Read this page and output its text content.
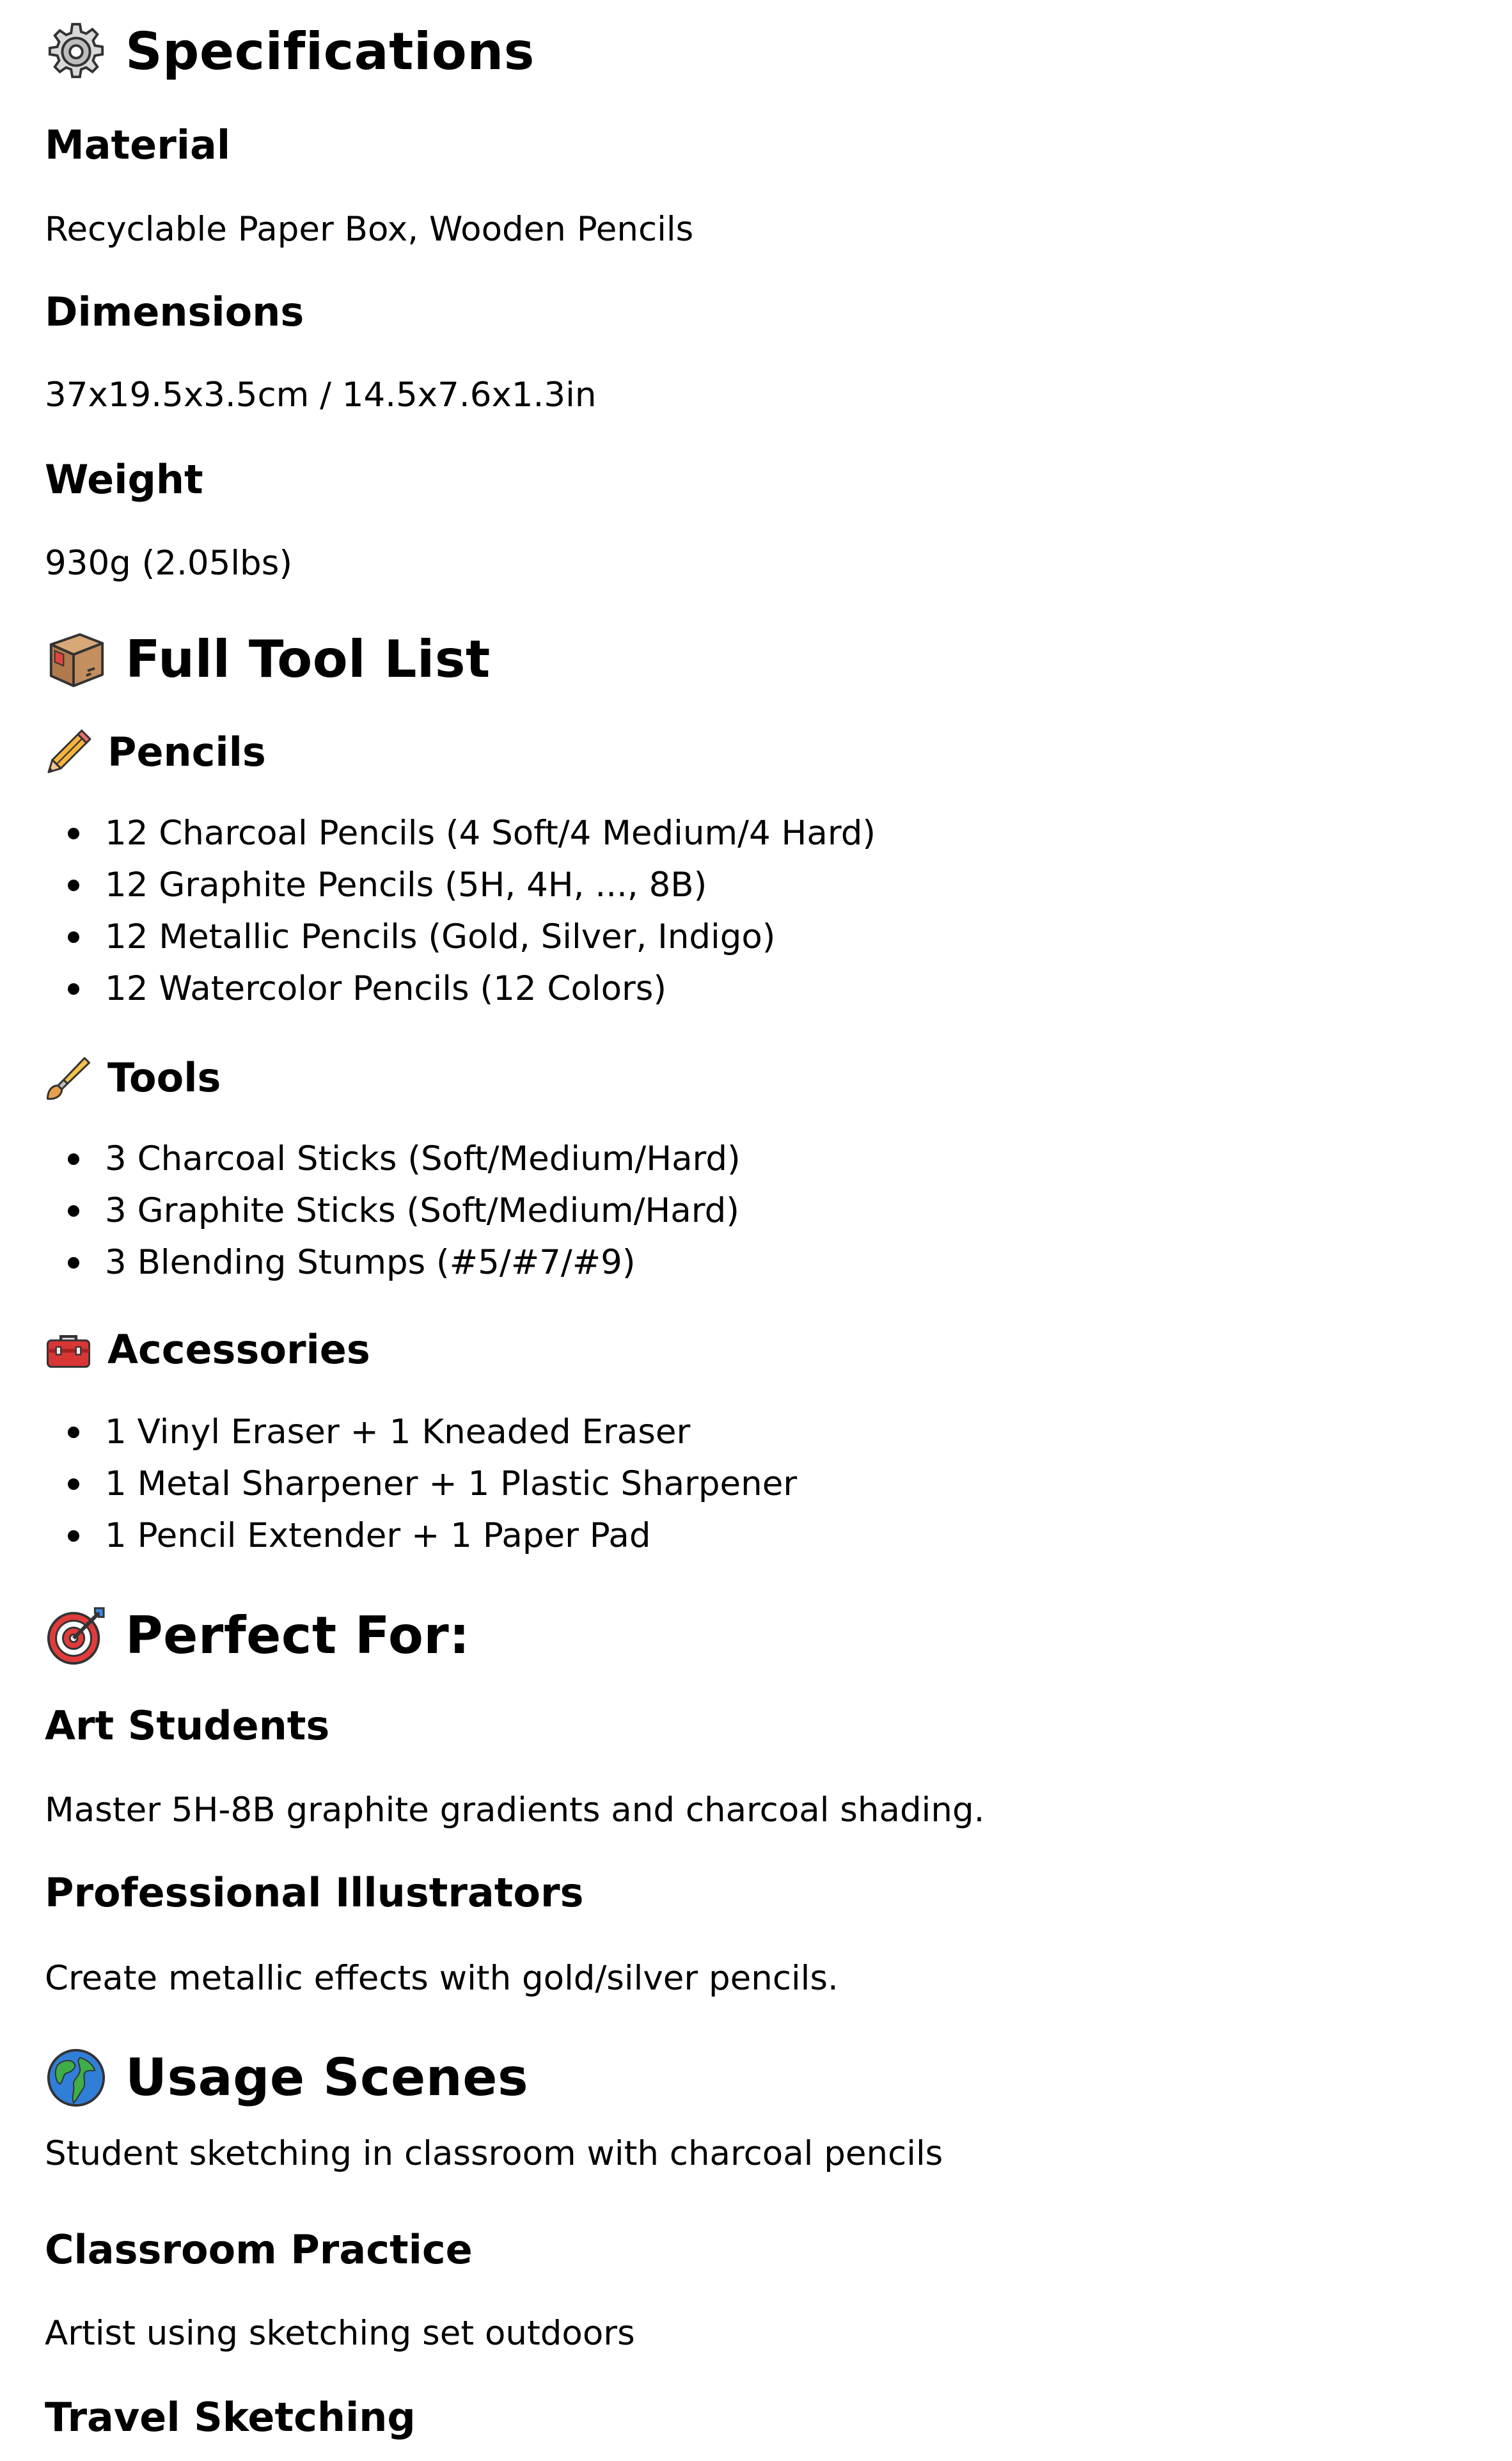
Specifications
Material

Recyclable Paper Box, Wooden Pencils

Dimensions

37x19.5x3.5cm / 14.5x7.6x1.3in

Weight

930g (2.05lbs)

Full Tool List
Pencils
12 Charcoal Pencils (4 Soft/4 Medium/4 Hard)
12 Graphite Pencils (5H, 4H, ..., 8B)
12 Metallic Pencils (Gold, Silver, Indigo)
12 Watercolor Pencils (12 Colors)
Tools
3 Charcoal Sticks (Soft/Medium/Hard)
3 Graphite Sticks (Soft/Medium/Hard)
3 Blending Stumps (#5/#7/#9)
Accessories
1 Vinyl Eraser + 1 Kneaded Eraser
1 Metal Sharpener + 1 Plastic Sharpener
1 Pencil Extender + 1 Paper Pad
Perfect For:
Art Students

Master 5H-8B graphite gradients and charcoal shading.

Professional Illustrators

Create metallic effects with gold/silver pencils.

Usage Scenes

Student sketching in classroom with charcoal pencils

Classroom Practice

Artist using sketching set outdoors

Travel Sketching
